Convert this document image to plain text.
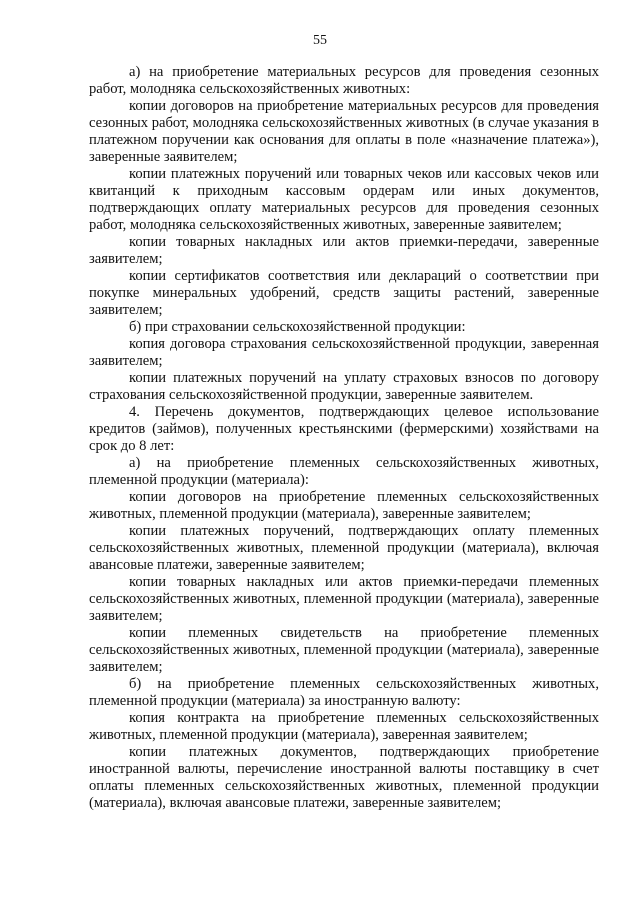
55

а) на приобретение материальных ресурсов для проведения сезонных работ, молодняка сельскохозяйственных животных:

копии договоров на приобретение материальных ресурсов для проведения сезонных работ, молодняка сельскохозяйственных животных (в случае указания в платежном поручении как основания для оплаты в поле «назначение платежа»), заверенные заявителем;

копии платежных поручений или товарных чеков или кассовых чеков или квитанций к приходным кассовым ордерам или иных документов, подтверждающих оплату материальных ресурсов для проведения сезонных работ, молодняка сельскохозяйственных животных, заверенные заявителем;

копии товарных накладных или актов приемки-передачи, заверенные заявителем;

копии сертификатов соответствия или деклараций о соответствии при покупке минеральных удобрений, средств защиты растений, заверенные заявителем;

б) при страховании сельскохозяйственной продукции:

копия договора страхования сельскохозяйственной продукции, заверенная заявителем;

копии платежных поручений на уплату страховых взносов по договору страхования сельскохозяйственной продукции, заверенные заявителем.

4. Перечень документов, подтверждающих целевое использование кредитов (займов), полученных крестьянскими (фермерскими) хозяйствами на срок до 8 лет:

а) на приобретение племенных сельскохозяйственных животных, племенной продукции (материала):

копии договоров на приобретение племенных сельскохозяйственных животных, племенной продукции (материала), заверенные заявителем;

копии платежных поручений, подтверждающих оплату племенных сельскохозяйственных животных, племенной продукции (материала), включая авансовые платежи, заверенные заявителем;

копии товарных накладных или актов приемки-передачи племенных сельскохозяйственных животных, племенной продукции (материала), заверенные заявителем;

копии племенных свидетельств на приобретение племенных сельскохозяйственных животных, племенной продукции (материала), заверенные заявителем;

б) на приобретение племенных сельскохозяйственных животных, племенной продукции (материала) за иностранную валюту:

копия контракта на приобретение племенных сельскохозяйственных животных, племенной продукции (материала), заверенная заявителем;

копии платежных документов, подтверждающих приобретение иностранной валюты, перечисление иностранной валюты поставщику в счет оплаты племенных сельскохозяйственных животных, племенной продукции (материала), включая авансовые платежи, заверенные заявителем;
